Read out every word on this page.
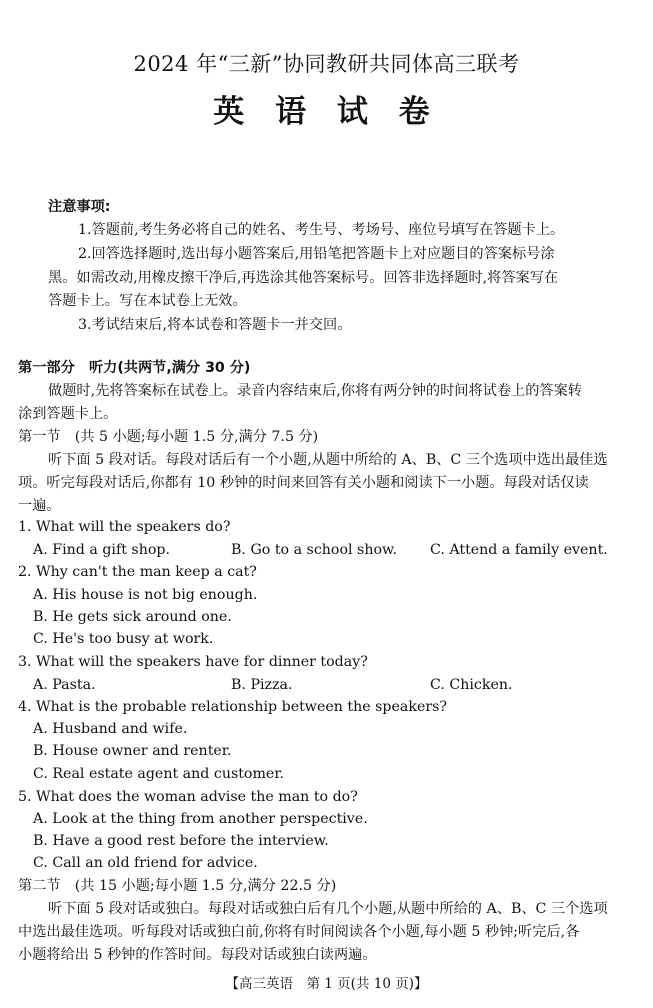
2024 年“三新”协同教研共同体高三联考
英 语 试 卷
注意事项:
1.答题前,考生务必将自己的姓名、考生号、考场号、座位号填写在答题卡上。
2.回答选择题时,选出每小题答案后,用铅笔把答题卡上对应题目的答案标号涂
黑。如需改动,用橡皮擦干净后,再选涂其他答案标号。回答非选择题时,将答案写在
答题卡上。写在本试卷上无效。
3.考试结束后,将本试卷和答题卡一并交回。
第一部分　听力(共两节,满分 30 分)
做题时,先将答案标在试卷上。录音内容结束后,你将有两分钟的时间将试卷上的答案转
涂到答题卡上。
第一节　(共 5 小题;每小题 1.5 分,满分 7.5 分)
听下面 5 段对话。每段对话后有一个小题,从题中所给的 A、B、C 三个选项中选出最佳选
项。听完每段对话后,你都有 10 秒钟的时间来回答有关小题和阅读下一小题。每段对话仅读
一遍。
1. What will the speakers do?
A. Find a gift shop.	B. Go to a school show. C. Attend a family event.
2. Why can't the man keep a cat?
A. His house is not big enough.
B. He gets sick around one.
C. He's too busy at work.
3. What will the speakers have for dinner today?
A. Pasta.	B. Pizza.	C. Chicken.
4. What is the probable relationship between the speakers?
A. Husband and wife.
B. House owner and renter.
C. Real estate agent and customer.
5. What does the woman advise the man to do?
A. Look at the thing from another perspective.
B. Have a good rest before the interview.
C. Call an old friend for advice.
第二节　(共 15 小题;每小题 1.5 分,满分 22.5 分)
听下面 5 段对话或独白。每段对话或独白后有几个小题,从题中所给的 A、B、C 三个选项
中选出最佳选项。听每段对话或独白前,你将有时间阅读各个小题,每小题 5 秒钟;听完后,各
小题将给出 5 秒钟的作答时间。每段对话或独白读两遍。
【高三英语　第 1 页(共 10 页)】
